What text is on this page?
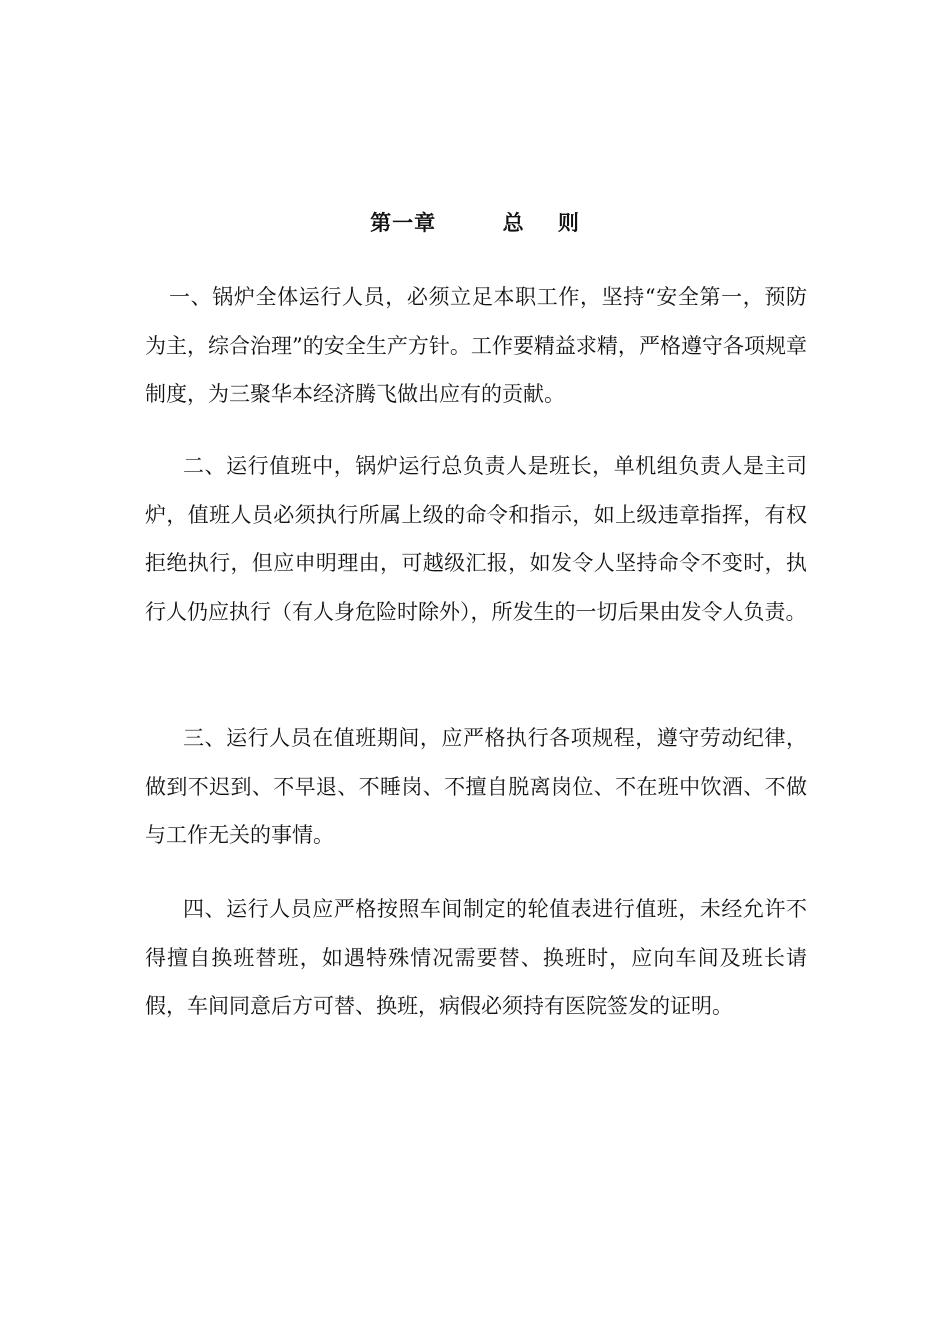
第一章        总    则

一、锅炉全体运行人员，必须立足本职工作，坚持“安全第一，预防为主，综合治理”的安全生产方针。工作要精益求精，严格遵守各项规章制度，为三聚华本经济腾飞做出应有的贡献。

二、运行值班中，锅炉运行总负责人是班长，单机组负责人是主司炉，值班人员必须执行所属上级的命令和指示，如上级违章指挥，有权拒绝执行，但应申明理由，可越级汇报，如发令人坚持命令不变时，执行人仍应执行（有人身危险时除外），所发生的一切后果由发令人负责。

三、运行人员在值班期间，应严格执行各项规程，遵守劳动纪律，做到不迟到、不早退、不睡岗、不擅自脱离岗位、不在班中饮酒、不做与工作无关的事情。

四、运行人员应严格按照车间制定的轮值表进行值班，未经允许不得擅自换班替班，如遇特殊情况需要替、换班时，应向车间及班长请假，车间同意后方可替、换班，病假必须持有医院签发的证明。
